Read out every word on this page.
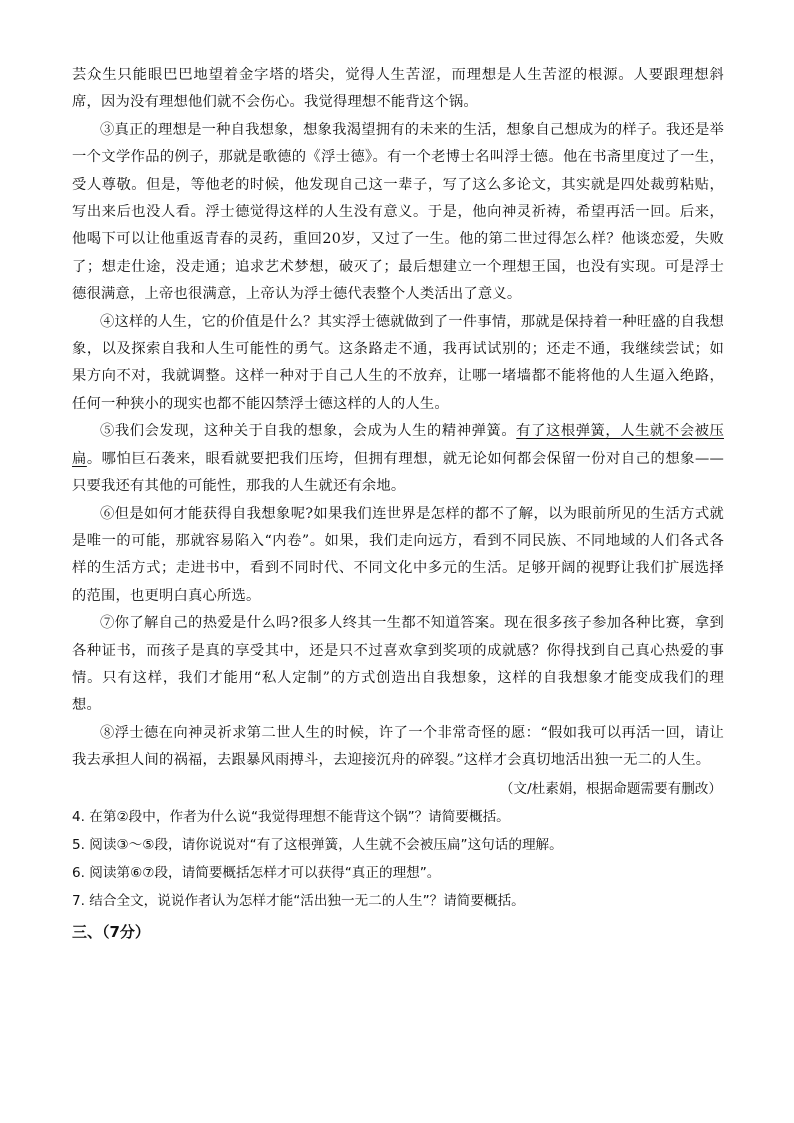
芸众生只能眼巴巴地望着金字塔的塔尖，觉得人生苦涩，而理想是人生苦涩的根源。人要跟理想斜席，因为没有理想他们就不会伤心。我觉得理想不能背这个锅。

③真正的理想是一种自我想象，想象我渴望拥有的未来的生活，想象自己想成为的样子。我还是举一个文学作品的例子，那就是歌德的《浮士德》。有一个老博士名叫浮士德。他在书斋里度过了一生，受人尊敬。但是，等他老的时候，他发现自己这一辈子，写了这么多论文，其实就是四处裁剪粘贴，写出来后也没人看。浮士德觉得这样的人生没有意义。于是，他向神灵祈祷，希望再活一回。后来，他喝下可以让他重返青春的灵药，重回20岁，又过了一生。他的第二世过得怎么样？他谈恋爱，失败了；想走仕途，没走通；追求艺术梦想，破灭了；最后想建立一个理想王国，也没有实现。可是浮士德很满意，上帝也很满意，上帝认为浮士德代表整个人类活出了意义。

④这样的人生，它的价值是什么？其实浮士德就做到了一件事情，那就是保持着一种旺盛的自我想象，以及探索自我和人生可能性的勇气。这条路走不通，我再试试别的；还走不通，我继续尝试；如果方向不对，我就调整。这样一种对于自己人生的不放弃，让哪一堵墙都不能将他的人生逼入绝路，任何一种狭小的现实也都不能囚禁浮士德这样的人的人生。

⑤我们会发现，这种关于自我的想象，会成为人生的精神弹簧。有了这根弹簧，人生就不会被压扁。哪怕巨石袭来，眼看就要把我们压垮，但拥有理想，就无论如何都会保留一份对自己的想象——只要我还有其他的可能性，那我的人生就还有余地。

⑥但是如何才能获得自我想象呢?如果我们连世界是怎样的都不了解，以为眼前所见的生活方式就是唯一的可能，那就容易陷入“内卷”。如果，我们走向远方，看到不同民族、不同地域的人们各式各样的生活方式；走进书中，看到不同时代、不同文化中多元的生活。足够开阔的视野让我们扩展选择的范围，也更明白真心所选。

⑦你了解自己的热爱是什么吗?很多人终其一生都不知道答案。现在很多孩子参加各种比赛，拿到各种证书，而孩子是真的享受其中，还是只不过喜欢拿到奖项的成就感？你得找到自己真心热爱的事情。只有这样，我们才能用“私人定制”的方式创造出自我想象，这样的自我想象才能变成我们的理想。

⑧浮士德在向神灵祈求第二世人生的时候，许了一个非常奇怪的愿：“假如我可以再活一回，请让我去承担人间的祸福，去跟暴风雨搏斗，去迎接沉舟的碎裂。”这样才会真切地活出独一无二的人生。

（文/杜素娟，根据命题需要有删改）

4. 在第②段中，作者为什么说“我觉得理想不能背这个锅”？请简要概括。

5. 阅读③～⑤段，请你说说对“有了这根弹簧，人生就不会被压扁”这句话的理解。

6. 阅读第⑥⑦段，请简要概括怎样才可以获得“真正的理想”。

7. 结合全文，说说作者认为怎样才能“活出独一无二的人生”？请简要概括。

三、（7分）
